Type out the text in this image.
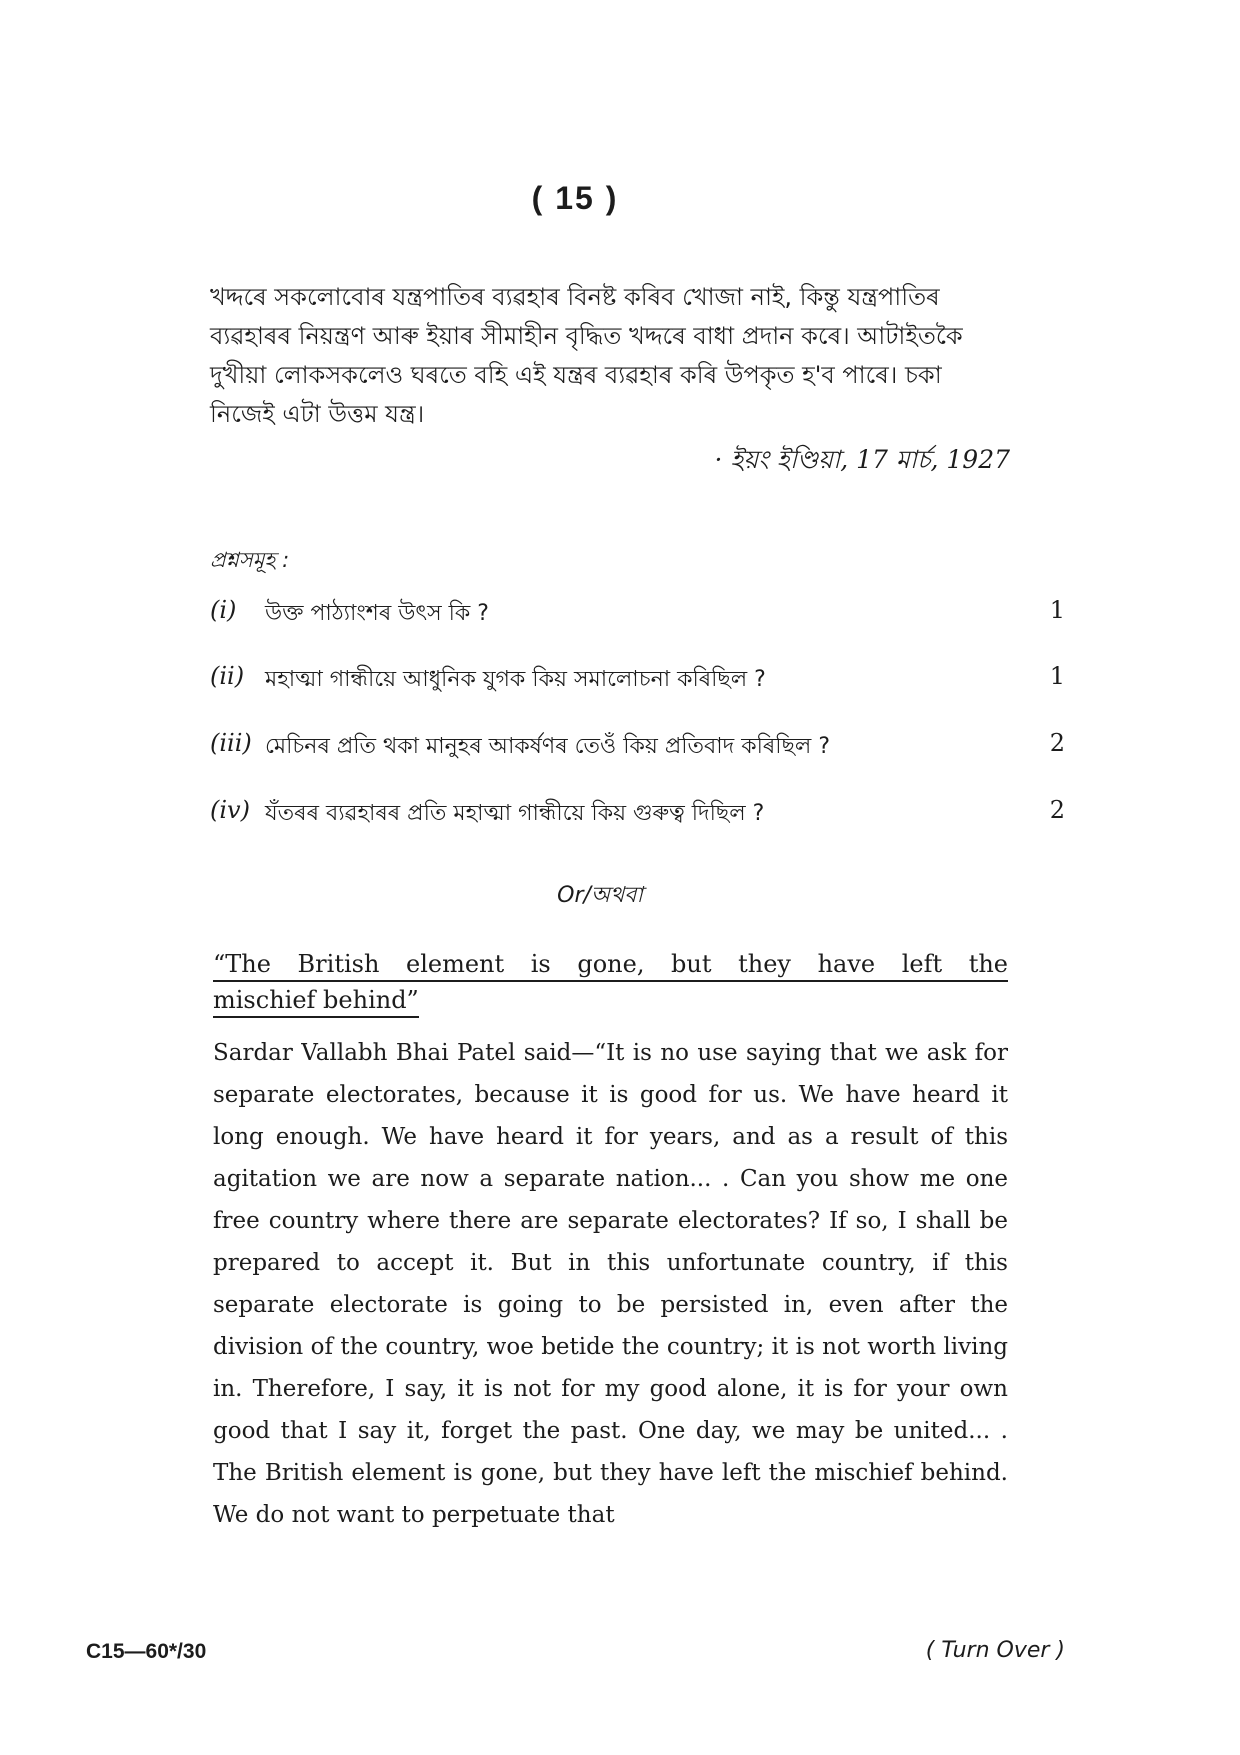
( 15 )
খদ্দৰে সকলোবোৰ যন্ত্ৰপাতিৰ ব্যৱহাৰ বিনষ্ট কৰিব খোজা নাই, কিন্তু যন্ত্ৰপাতিৰ
ব্যৱহাৰৰ নিয়ন্ত্ৰণ আৰু ইয়াৰ সীমাহীন বৃদ্ধিত খদ্দৰে বাধা প্ৰদান কৰে। আটাইতকৈ
দুখীয়া লোকসকলেও ঘৰতে বহি এই যন্ত্ৰৰ ব্যৱহাৰ কৰি উপকৃত হ'ব পাৰে। চকা
নিজেই এটা উত্তম যন্ত্ৰ।
· ইয়ং ইণ্ডিয়া, 17 মাৰ্চ, 1927
প্ৰশ্নসমূহ :
(i)	উক্ত পাঠ্যাংশৰ উৎস কি ?	1
(ii) মহাত্মা গান্ধীয়ে আধুনিক যুগক কিয় সমালোচনা কৰিছিল ?	1
(iii) মেচিনৰ প্ৰতি থকা মানুহৰ আকৰ্ষণৰ তেওঁ কিয় প্ৰতিবাদ কৰিছিল ?	2
(iv) যঁতৰৰ ব্যৱহাৰৰ প্ৰতি মহাত্মা গান্ধীয়ে কিয় গুৰুত্ব দিছিল ?	2
Or/অথবা
“The British element is gone, but they have left the
mischief behind”
Sardar Vallabh Bhai Patel said—“It is no use saying that we ask for separate electorates, because it is good for us. We have heard it long enough. We have heard it for years, and as a result of this agitation we are now a separate nation... . Can you show me one free country where there are separate electorates? If so, I shall be prepared to accept it. But in this unfortunate country, if this separate electorate is going to be persisted in, even after the division of the country, woe betide the country; it is not worth living in. Therefore, I say, it is not for my good alone, it is for your own good that I say it, forget the past. One day, we may be united... . The British element is gone, but they have left the mischief behind. We do not want to perpetuate that
C15—60*/30	( Turn Over )
